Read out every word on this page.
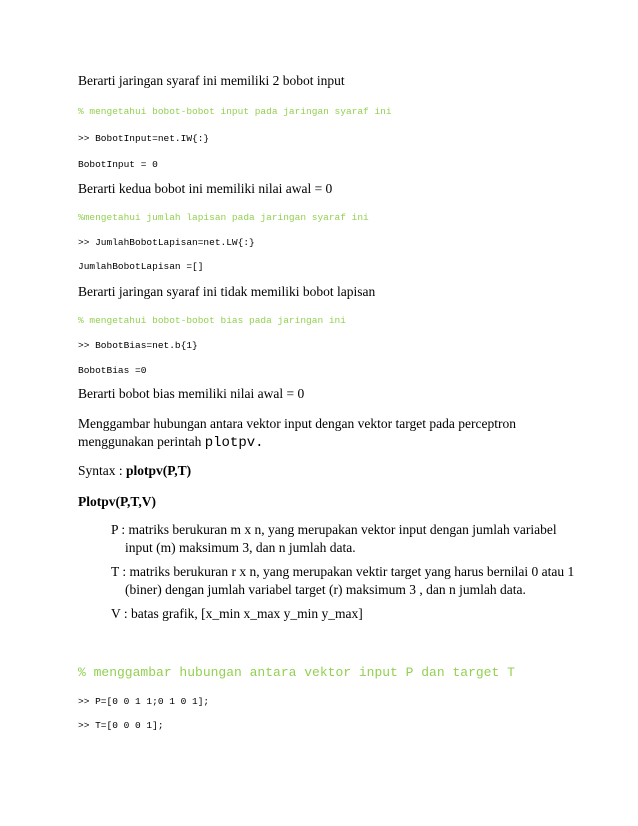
Berarti jaringan syaraf ini memiliki 2 bobot input
% mengetahui bobot-bobot input pada jaringan syaraf ini
>> BobotInput=net.IW{:}
BobotInput = 0
Berarti kedua bobot ini memiliki nilai awal = 0
%mengetahui jumlah lapisan pada jaringan syaraf ini
>> JumlahBobotLapisan=net.LW{:}
JumlahBobotLapisan =[]
Berarti jaringan syaraf ini tidak memiliki bobot lapisan
% mengetahui bobot-bobot bias pada jaringan ini
>> BobotBias=net.b{1}
BobotBias =0
Berarti bobot bias memiliki nilai awal = 0
Menggambar hubungan antara vektor input dengan vektor target pada perceptron menggunakan perintah plotpv.
Syntax : plotpv(P,T)
Plotpv(P,T,V)
P : matriks berukuran m x n, yang merupakan vektor input dengan jumlah variabel input (m) maksimum 3, dan n jumlah data.
T : matriks berukuran r x n, yang merupakan vektir target yang harus bernilai 0 atau 1 (biner) dengan jumlah variabel target (r) maksimum 3 , dan n jumlah data.
V : batas grafik, [x_min x_max y_min y_max]
% menggambar hubungan antara vektor input P dan target T
>> P=[0 0 1 1;0 1 0 1];
>> T=[0 0 0 1];
